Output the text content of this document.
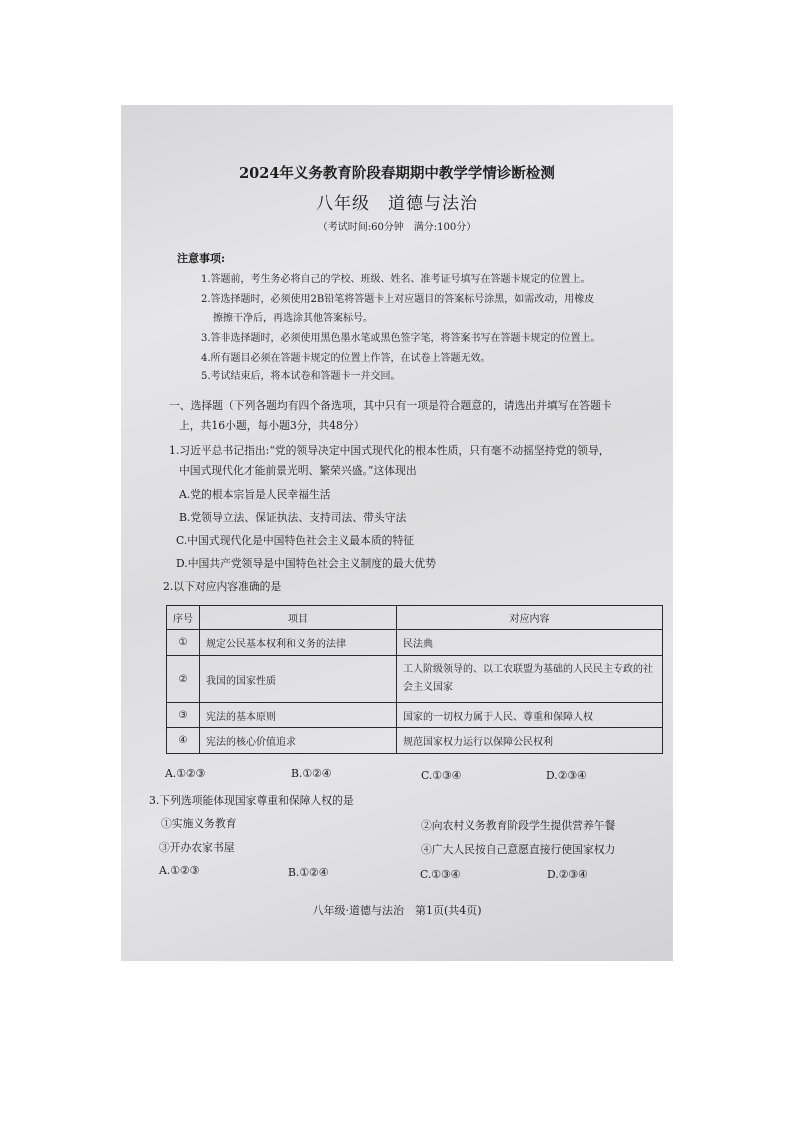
2024年义务教育阶段春期期中教学学情诊断检测
八年级　道德与法治
（考试时间:60分钟　满分:100分）
注意事项:
1.答题前，考生务必将自己的学校、班级、姓名、准考证号填写在答题卡规定的位置上。
2.答选择题时，必须使用2B铅笔将答题卡上对应题目的答案标号涂黑，如需改动，用橡皮
擦擦干净后，再选涂其他答案标号。
3.答非选择题时，必须使用黑色墨水笔或黑色签字笔，将答案书写在答题卡规定的位置上。
4.所有题目必须在答题卡规定的位置上作答，在试卷上答题无效。
5.考试结束后，将本试卷和答题卡一并交回。
一、选择题（下列各题均有四个备选项，其中只有一项是符合题意的，请选出并填写在答题卡
上，共16小题，每小题3分，共48分）
1.习近平总书记指出:“党的领导决定中国式现代化的根本性质，只有毫不动摇坚持党的领导，
中国式现代化才能前景光明、繁荣兴盛。”这体现出
A.党的根本宗旨是人民幸福生活
B.党领导立法、保证执法、支持司法、带头守法
C.中国式现代化是中国特色社会主义最本质的特征
D.中国共产党领导是中国特色社会主义制度的最大优势
2.以下对应内容准确的是
序号	项目	对应内容
①	规定公民基本权利和义务的法律	民法典
②	我国的国家性质	工人阶级领导的、以工农联盟为基础的人民民主专政的社会主义国家
③	宪法的基本原则	国家的一切权力属于人民、尊重和保障人权
④	宪法的核心价值追求	规范国家权力运行以保障公民权利
A.①②③	B.①②④	C.①③④	D.②③④
3.下列选项能体现国家尊重和保障人权的是
①实施义务教育	②向农村义务教育阶段学生提供营养午餐
③开办农家书屋	④广大人民按自己意愿直接行使国家权力
A.①②③	B.①②④	C.①③④	D.②③④
八年级·道德与法治　第1页(共4页)
